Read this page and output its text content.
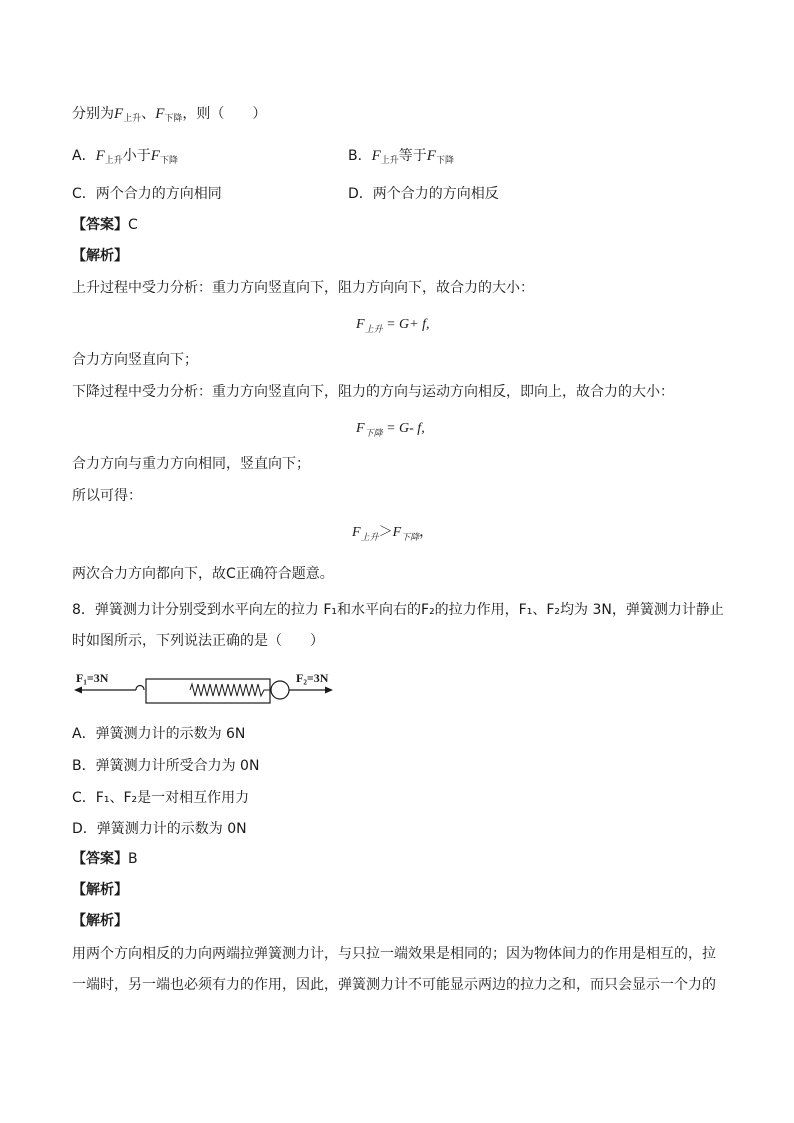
分别为$F_{上升}$、$F_{下降}$，则（　　）
A．$F_{上升}$小于$F_{下降}$	B．$F_{上升}$等于$F_{下降}$
C．两个合力的方向相同	D．两个合力的方向相反
【答案】C
【解析】
上升过程中受力分析：重力方向竖直向下，阻力方向向下，故合力的大小：
$F_{上升} = G+ f$,
合力方向竖直向下；
下降过程中受力分析：重力方向竖直向下，阻力的方向与运动方向相反，即向上，故合力的大小：
$F_{下降} = G-$ f,
合力方向与重力方向相同，竖直向下；
所以可得：
$F_{上升}>F_{下降}$，
两次合力方向都向下，故C正确符合题意。
8．弹簧测力计分别受到水平向左的拉力 F₁和水平向右的F₂的拉力作用，F₁、F₂均为 3N，弹簧测力计静止
时如图所示，下列说法正确的是（　　）
F₁=3N	F₂=3N
A．弹簧测力计的示数为 6N
B．弹簧测力计所受合力为 0N
C．F₁、F₂是一对相互作用力
D．弹簧测力计的示数为 0N
【答案】B
【解析】
【解析】
用两个方向相反的力向两端拉弹簧测力计，与只拉一端效果是相同的；因为物体间力的作用是相互的，拉
一端时，另一端也必须有力的作用，因此，弹簧测力计不可能显示两边的拉力之和，而只会显示一个力的
